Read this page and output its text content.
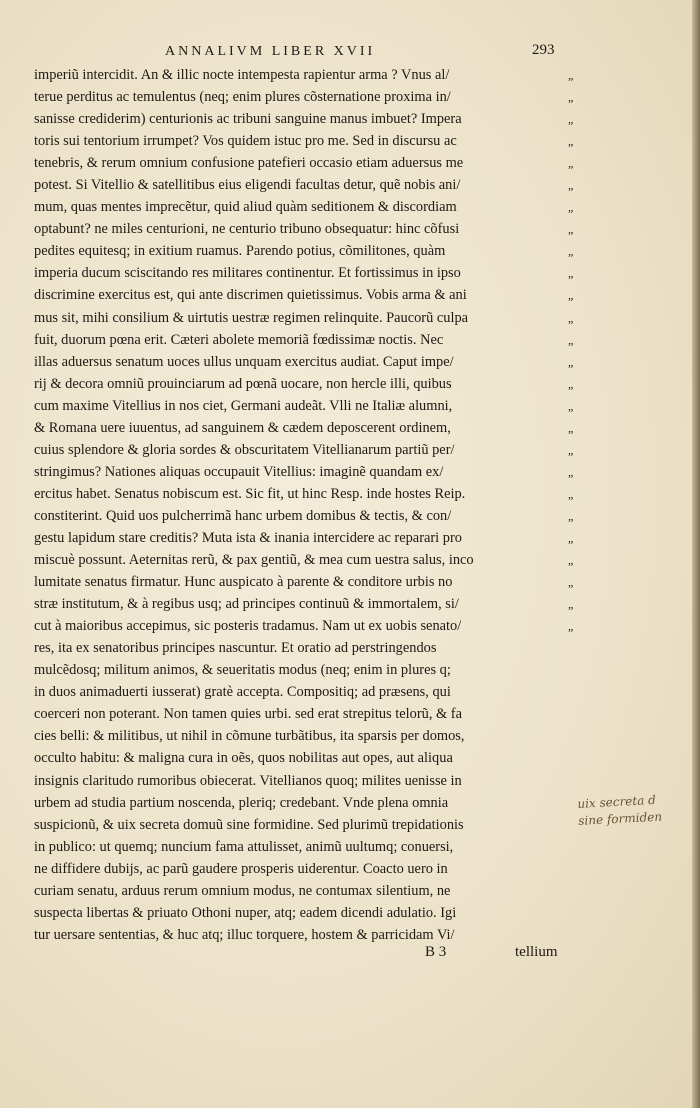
ANNALIVM LIBER XVII	293
imperiũ intercidit. An & illic nocte intempesta rapientur arma ? Vnus al/	„
terue perditus ac temulentus (neq; enim plures cõsternatione proxima in/	„
sanisse crediderim) centurionis ac tribuni sanguine manus imbuet? Impera	„
toris sui tentorium irrumpet? Vos quidem istuc pro me. Sed in discursu ac	„
tenebris, & rerum omnium confusione patefieri occasio etiam aduersus me	„
potest. Si Vitellio & satellitibus eius eligendi facultas detur, quẽ nobis ani/	„
mum, quas mentes imprecẽtur, quid aliud quàm seditionem & discordiam	„
optabunt? ne miles centurioni, ne centurio tribuno obsequatur: hinc cõfusi	„
pedites equitesq; in exitium ruamus. Parendo potius, cõmilitones, quàm	„
imperia ducum sciscitando res militares continentur. Et fortissimus in ipso	„
discrimine exercitus est, qui ante discrimen quietissimus. Vobis arma & ani	„
mus sit, mihi consilium & uirtutis uestræ regimen relinquite. Paucorũ culpa	„
fuit, duorum pœna erit. Cæteri abolete memoriã fœdissimæ noctis. Nec	„
illas aduersus senatum uoces ullus unquam exercitus audiat. Caput impe/	„
rij & decora omniũ prouinciarum ad pœnã uocare, non hercle illi, quibus	„
cum maxime Vitellius in nos ciet, Germani audeãt. Vlli ne Italiæ alumni,	„
& Romana uere iuuentus, ad sanguinem & cædem deposcerent ordinem,	„
cuius splendore & gloria sordes & obscuritatem Vitellianarum partiũ per/	„
stringimus? Nationes aliquas occupauit Vitellius: imaginẽ quandam ex/	„
ercitus habet. Senatus nobiscum est. Sic fit, ut hinc Resp. inde hostes Reip.	„
constiterint. Quid uos pulcherrimã hanc urbem domibus & tectis, & con/	„
gestu lapidum stare creditis? Muta ista & inania intercidere ac reparari pro	„
miscuè possunt. Aeternitas rerũ, & pax gentiũ, & mea cum uestra salus, inco	„
lumitate senatus firmatur. Hunc auspicato à parente & conditore urbis no	„
stræ institutum, & à regibus usq; ad principes continuũ & immortalem, si/	„
cut à maioribus accepimus, sic posteris tradamus. Nam ut ex uobis senato/	„
res, ita ex senatoribus principes nascuntur. Et oratio ad perstringendos
mulcẽdosq; militum animos, & seueritatis modus (neq; enim in plures q;
in duos animaduerti iusserat) gratè accepta. Compositiq; ad præsens, qui
coerceri non poterant. Non tamen quies urbi. sed erat strepitus telorũ, & fa
cies belli: & militibus, ut nihil in cõmune turbãtibus, ita sparsis per domos,
occulto habitu: & maligna cura in oẽs, quos nobilitas aut opes, aut aliqua
insignis claritudo rumoribus obiecerat. Vitellianos quoq; milites uenisse in
urbem ad studia partium noscenda, pleriq; credebant. Vnde plena omnia
suspicionũ, & uix secreta domuũ sine formidine. Sed plurimũ trepidationis
in publico: ut quemq; nuncium fama attulisset, animũ uultumq; conuersi,
ne diffidere dubijs, ac parũ gaudere prosperis uiderentur. Coacto uero in
curiam senatu, arduus rerum omnium modus, ne contumax silentium, ne
suspecta libertas & priuato Othoni nuper, atq; eadem dicendi adulatio. Igi
tur uersare sententias, & huc atq; illuc torquere, hostem & parricidam Vi/
B 3	tellium
uix secreta d
sine formiden
